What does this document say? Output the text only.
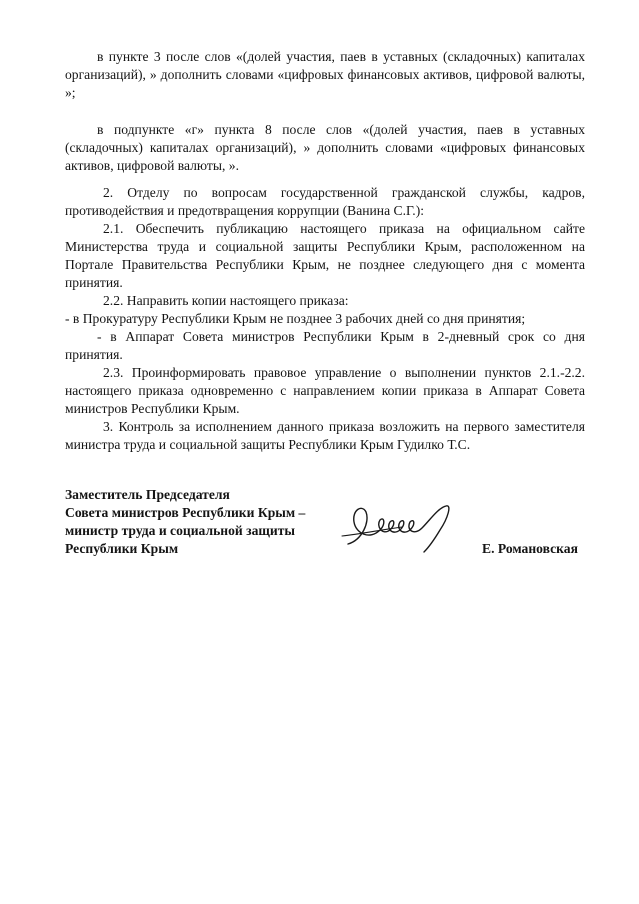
в пункте 3 после слов «(долей участия, паев в уставных (складочных) капиталах организаций), » дополнить словами «цифровых финансовых активов, цифровой валюты, »;

в подпункте «г» пункта 8 после слов «(долей участия, паев в уставных (складочных) капиталах организаций), » дополнить словами «цифровых финансовых активов, цифровой валюты, ».

2. Отделу по вопросам государственной гражданской службы, кадров, противодействия и предотвращения коррупции (Ванина С.Г.):

2.1. Обеспечить публикацию настоящего приказа на официальном сайте Министерства труда и социальной защиты Республики Крым, расположенном на Портале Правительства Республики Крым, не позднее следующего дня с момента принятия.

2.2. Направить копии настоящего приказа:

- в Прокуратуру Республики Крым не позднее 3 рабочих дней со дня принятия;

- в Аппарат Совета министров Республики Крым в 2-дневный срок со дня принятия.

2.3. Проинформировать правовое управление о выполнении пунктов 2.1.-2.2. настоящего приказа одновременно с направлением копии приказа в Аппарат Совета министров Республики Крым.

3. Контроль за исполнением данного приказа возложить на первого заместителя министра труда и социальной защиты Республики Крым Гудилко Т.С.

Заместитель Председателя
Совета министров Республики Крым –
министр труда и социальной защиты
Республики Крым	Е. Романовская
